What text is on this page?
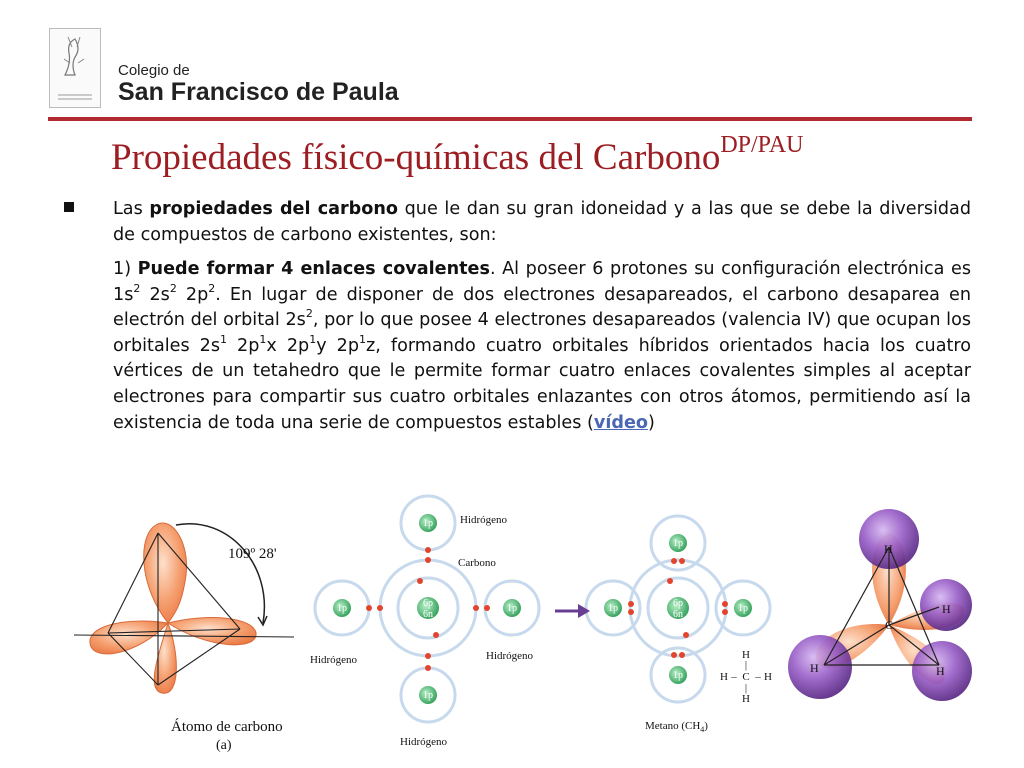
Colegio de
San Francisco de Paula
Propiedades físico-químicas del Carbono$^{DP/PAU}$
Las propiedades del carbono que le dan su gran idoneidad y a las que se debe la diversidad de compuestos de carbono existentes, son:
1) Puede formar 4 enlaces covalentes. Al poseer 6 protones su configuración electrónica es $1s^2$ $2s^2$ $2p^2$. En lugar de disponer de dos electrones desapareados, el carbono desaparea en electrón del orbital $2s^2$, por lo que posee 4 electrones desapareados (valencia IV) que ocupan los orbitales $2s^1$ $2p^1x$ $2p^1y$ $2p^1z$, formando cuatro orbitales híbridos orientados hacia los cuatro vértices de un tetahedro que le permite formar cuatro enlaces covalentes simples al aceptar electrones para compartir sus cuatro orbitales enlazantes con otros átomos, permitiendo así la existencia de toda una serie de compuestos estables (vídeo)
109º 28'
Átomo de carbono
(a)
1p
1p
1p	1p
6p
6n
1p
1p
1p	1p
6p
6n
Hidrógeno
Carbono
Hidrógeno	Hidrógeno
Hidrógeno
Metano $(CH_4)$
H
|
H – C – H
|
H
H
H
H	H
C
